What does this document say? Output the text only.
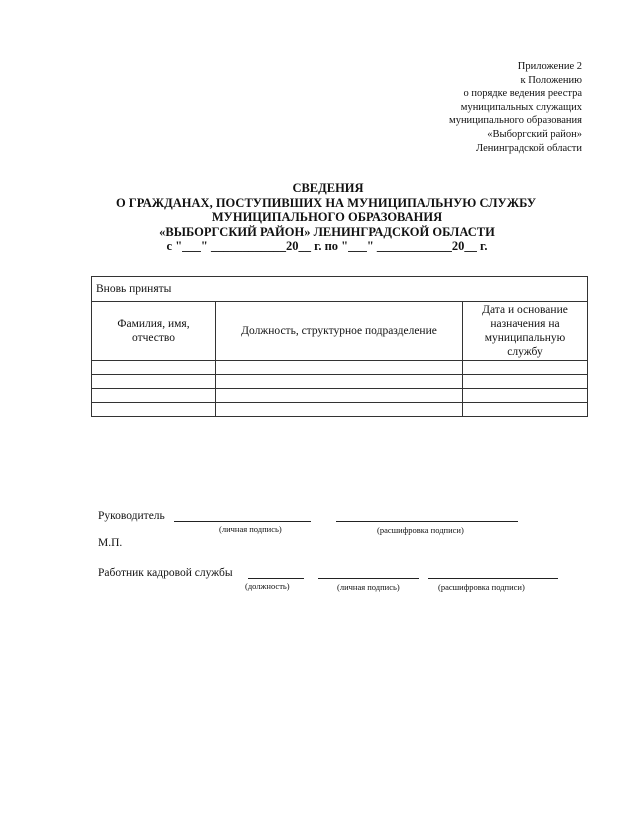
Приложение 2
к Положению
о порядке ведения реестра
муниципальных служащих
муниципального образования
«Выборгский район»
Ленинградской области
СВЕДЕНИЯ
О ГРАЖДАНАХ, ПОСТУПИВШИХ НА МУНИЦИПАЛЬНУЮ СЛУЖБУ
МУНИЦИПАЛЬНОГО ОБРАЗОВАНИЯ
«ВЫБОРГСКИЙ РАЙОН» ЛЕНИНГРАДСКОЙ ОБЛАСТИ
с "___" ____________20__ г. по "___" ____________20__ г.
Вновь приняты		
Фамилия, имя, отчество	Должность, структурное подразделение	Дата и основание назначения на муниципальную службу

Руководитель
(личная подпись)	(расшифровка подписи)
М.П.
Работник кадровой службы
(должность)	(личная подпись)	(расшифровка подписи)
